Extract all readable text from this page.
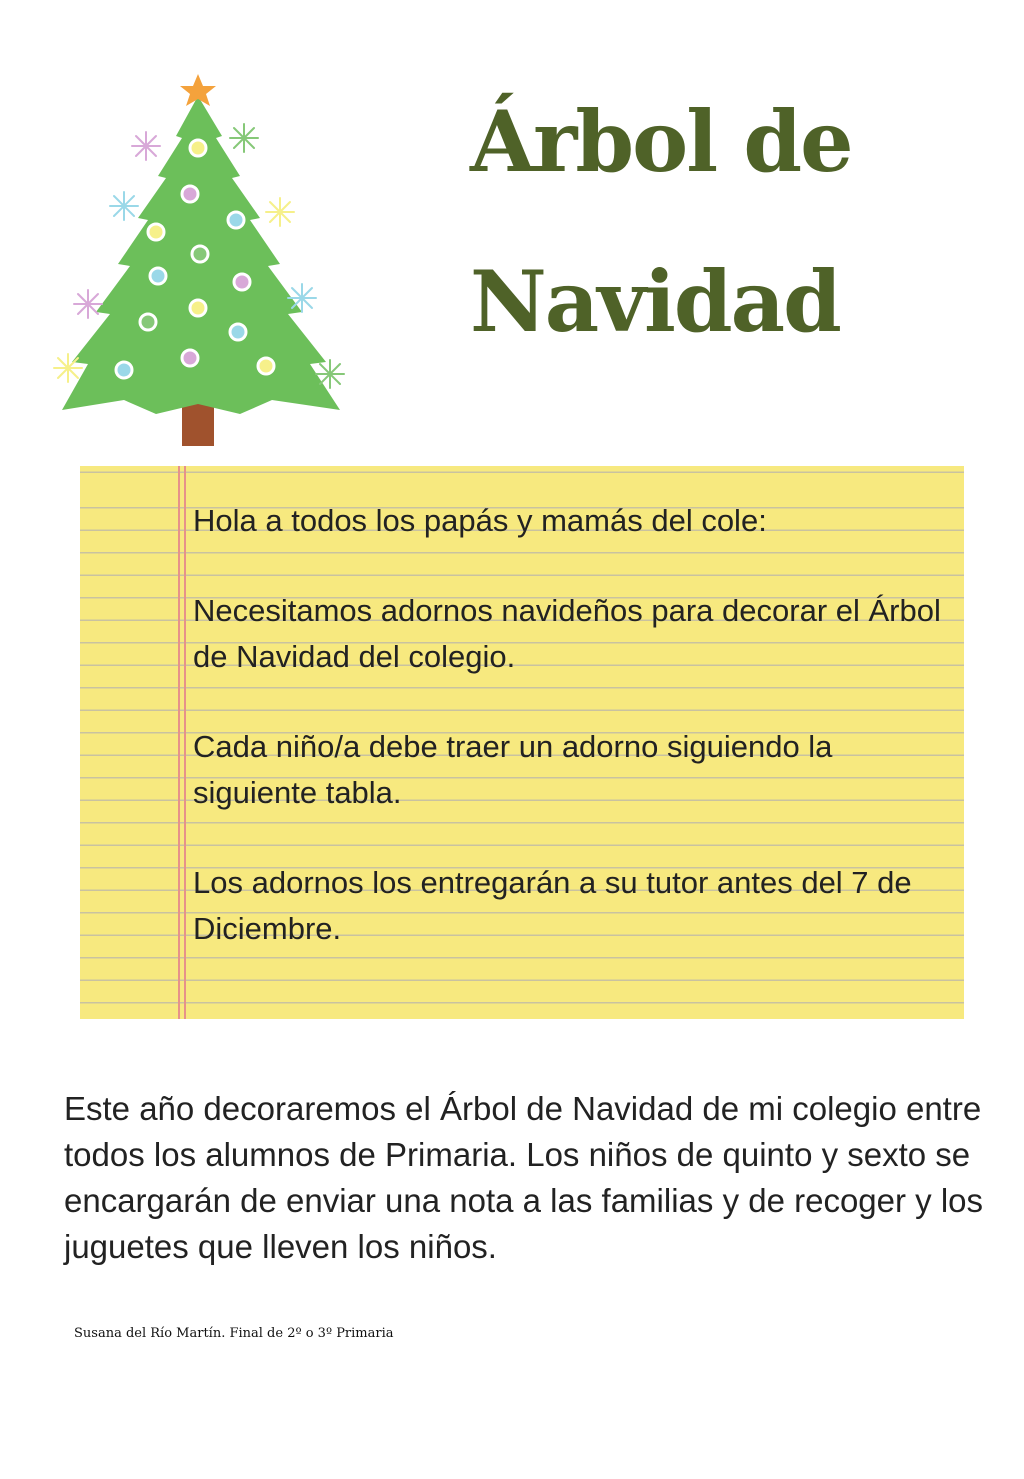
Árbol de
Navidad

Hola a todos los papás y mamás del cole:

Necesitamos adornos navideños para decorar el Árbol de Navidad del colegio.

Cada niño/a debe traer un adorno siguiendo la siguiente tabla.

Los adornos los entregarán a su tutor antes del 7 de Diciembre.

Este año decoraremos el Árbol de Navidad de mi colegio entre todos los alumnos de Primaria. Los niños de quinto y sexto se encargarán de enviar una nota a las familias y de recoger y los juguetes que lleven los niños.

Susana del Río Martín. Final de 2º o 3º Primaria
